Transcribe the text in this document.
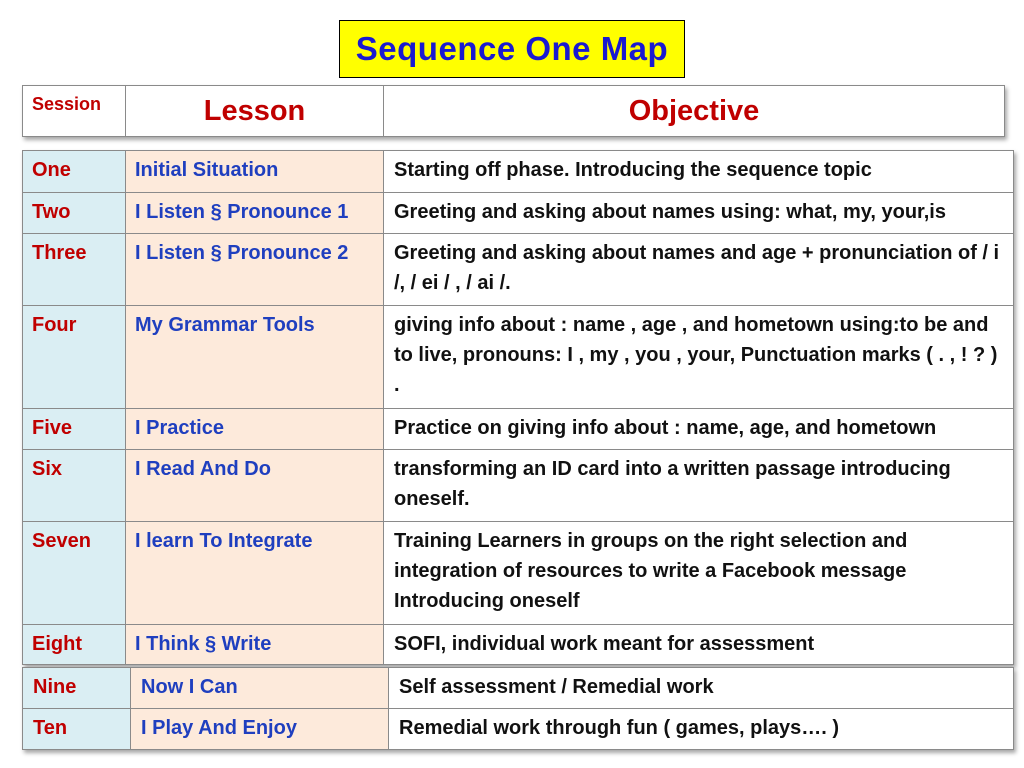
Sequence One Map
Session	Lesson	Objective
One	Initial Situation	Starting off phase. Introducing the sequence topic
Two	I Listen § Pronounce 1	Greeting and asking about names using: what, my, your,is
Three	I Listen § Pronounce 2	Greeting and asking about names and age + pronunciation of / i /, / ei / , / ai /.
Four	My Grammar Tools	giving info about : name , age , and hometown using:to be and to live, pronouns: I , my , you , your, Punctuation marks ( . , ! ? ) .
Five	I Practice	Practice on giving info about : name, age, and hometown
Six	I Read And Do	transforming an ID card into a written passage introducing oneself.
Seven	I learn To Integrate	Training Learners in groups on the right selection and integration of resources to write a Facebook message Introducing oneself
Eight	I Think § Write	SOFI, individual work meant for assessment
Nine	Now I Can	Self assessment / Remedial work
Ten	I Play And Enjoy	Remedial work through fun ( games, plays…. )
